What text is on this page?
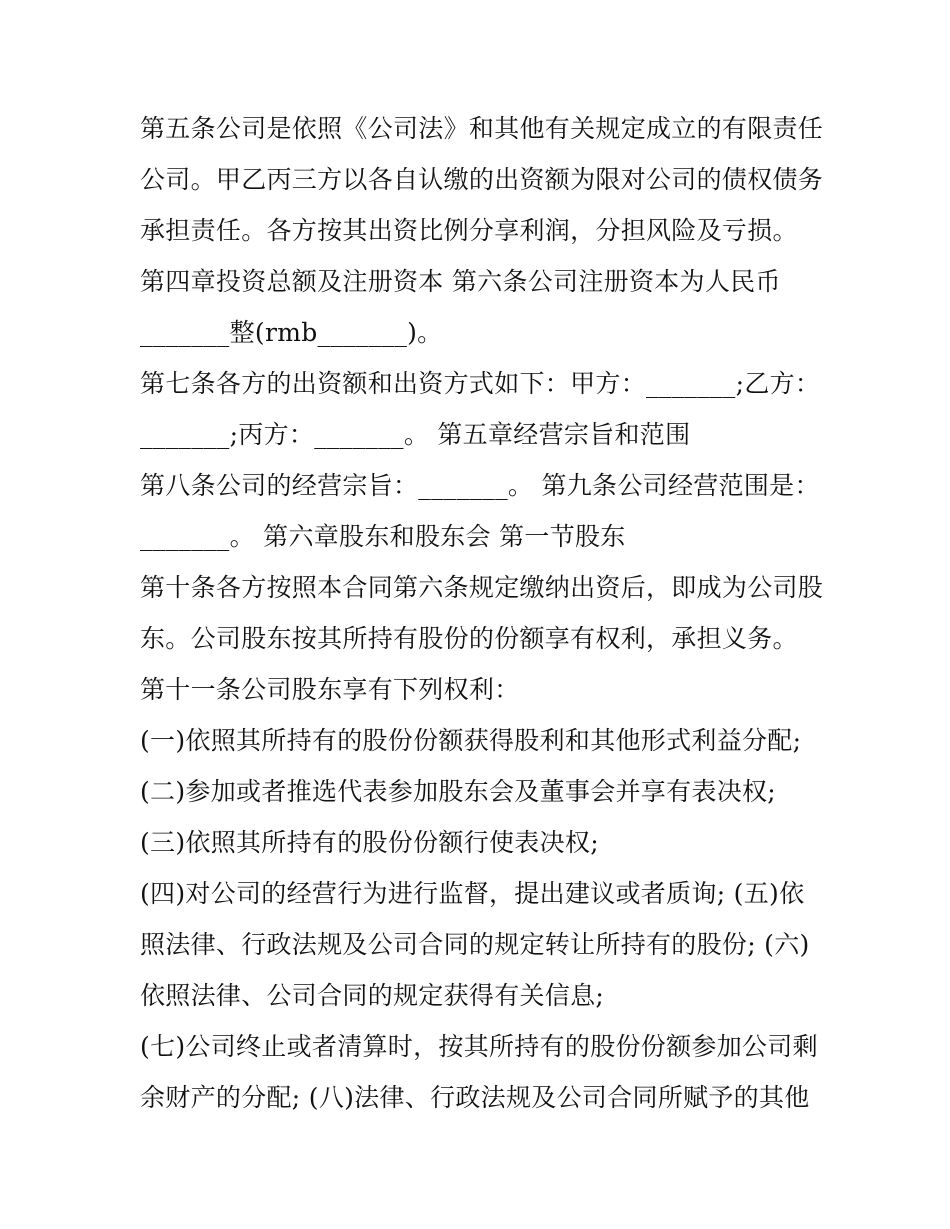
第五条公司是依照《公司法》和其他有关规定成立的有限责任
公司。甲乙丙三方以各自认缴的出资额为限对公司的债权债务
承担责任。各方按其出资比例分享利润，分担风险及亏损。
第四章投资总额及注册资本 第六条公司注册资本为人民币
_______整(rmb_______)。
第七条各方的出资额和出资方式如下：甲方：_______;乙方：
_______;丙方：_______。 第五章经营宗旨和范围
第八条公司的经营宗旨：_______。 第九条公司经营范围是：
_______。 第六章股东和股东会 第一节股东
第十条各方按照本合同第六条规定缴纳出资后，即成为公司股
东。公司股东按其所持有股份的份额享有权利，承担义务。
第十一条公司股东享有下列权利：
(一)依照其所持有的股份份额获得股利和其他形式利益分配;
(二)参加或者推选代表参加股东会及董事会并享有表决权;
(三)依照其所持有的股份份额行使表决权;
(四)对公司的经营行为进行监督，提出建议或者质询; (五)依
照法律、行政法规及公司合同的规定转让所持有的股份; (六)
依照法律、公司合同的规定获得有关信息;
(七)公司终止或者清算时，按其所持有的股份份额参加公司剩
余财产的分配; (八)法律、行政法规及公司合同所赋予的其他
